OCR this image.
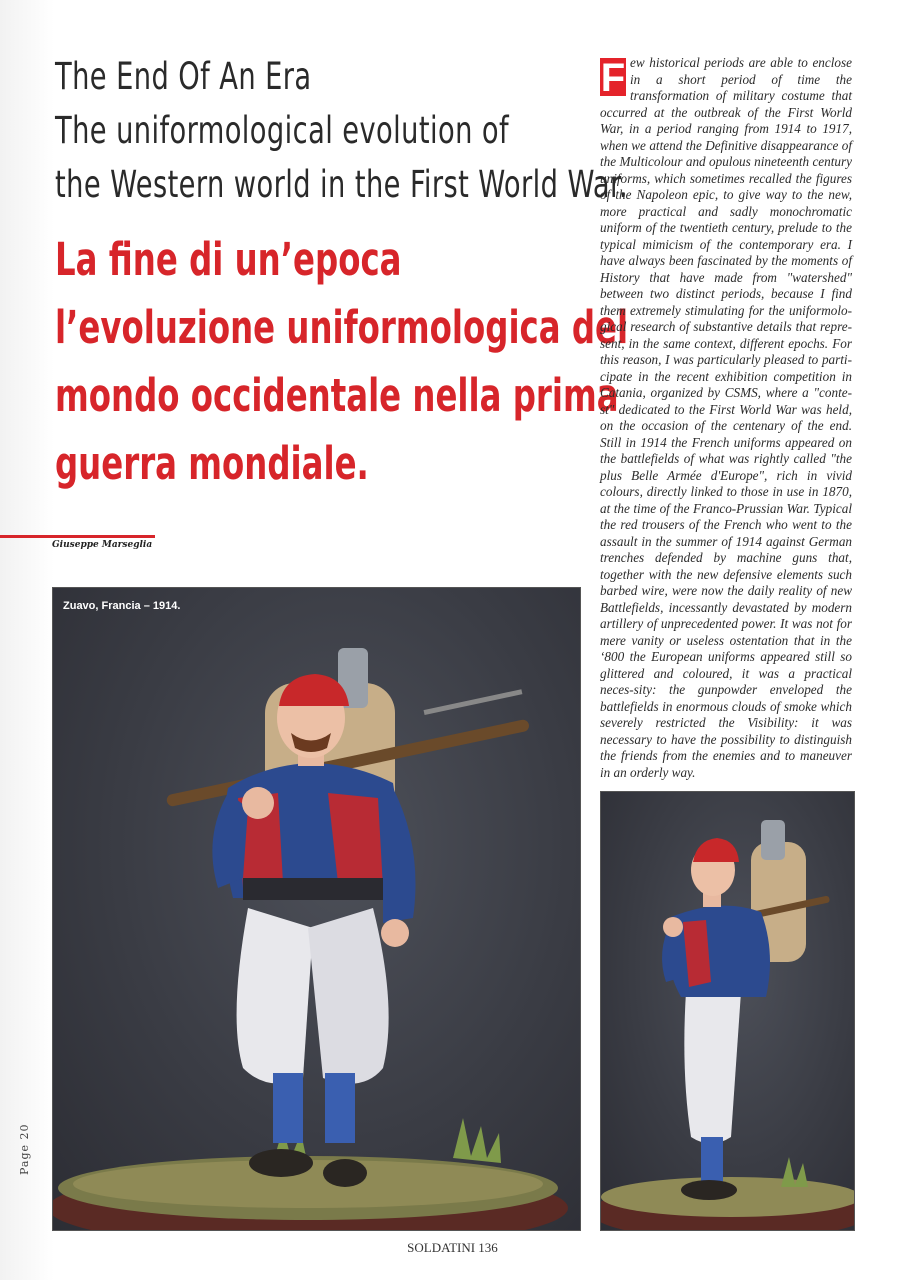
The End Of An Era
The uniformological evolution of
the Western world in the First World War.
La fine di un’epoca
l’evoluzione uniformologica del
mondo occidentale nella prima
guerra mondiale.
Giuseppe Marseglia
F ew historical periods are able to enclose in a short period of time the transformation of military costume that occurred at the outbreak of the First World War, in a period ranging from 1914 to 1917, when we attend the Definitive disappearance of the Multicolour and opulous nineteenth century uniforms, which sometimes recalled the figures of the Napoleon epic, to give way to the new, more practical and sadly monochromatic uniform of the twentieth century, prelude to the typical mimicism of the contemporary era. I have always been fascinated by the moments of History that have made from "watershed" between two distinct periods, because I find them extremely stimulating for the uniformolo-gical research of substantive details that repre-sent, in the same context, different epochs. For this reason, I was particularly pleased to parti-cipate in the recent exhibition competition in Catania, organized by CSMS, where a "conte-st" dedicated to the First World War was held, on the occasion of the centenary of the end. Still in 1914 the French uniforms appeared on the battlefields of what was rightly called "the plus Belle Armée d'Europe", rich in vivid colours, directly linked to those in use in 1870, at the time of the Franco-Prussian War. Typical the red trousers of the French who went to the assault in the summer of 1914 against German trenches defended by machine guns that, together with the new defensive elements such barbed wire, were now the daily reality of new Battlefields, incessantly devastated by modern artillery of unprecedented power. It was not for mere vanity or useless ostentation that in the ‘800 the European uniforms appeared still so glittered and coloured, it was a practical neces-sity: the gunpowder enveloped the battlefields in enormous clouds of smoke which severely restricted the Visibility: it was necessary to have the possibility to distinguish the friends from the enemies and to maneuver in an orderly way.
Zuavo, Francia – 1914.
Page 20
SOLDATINI 136
